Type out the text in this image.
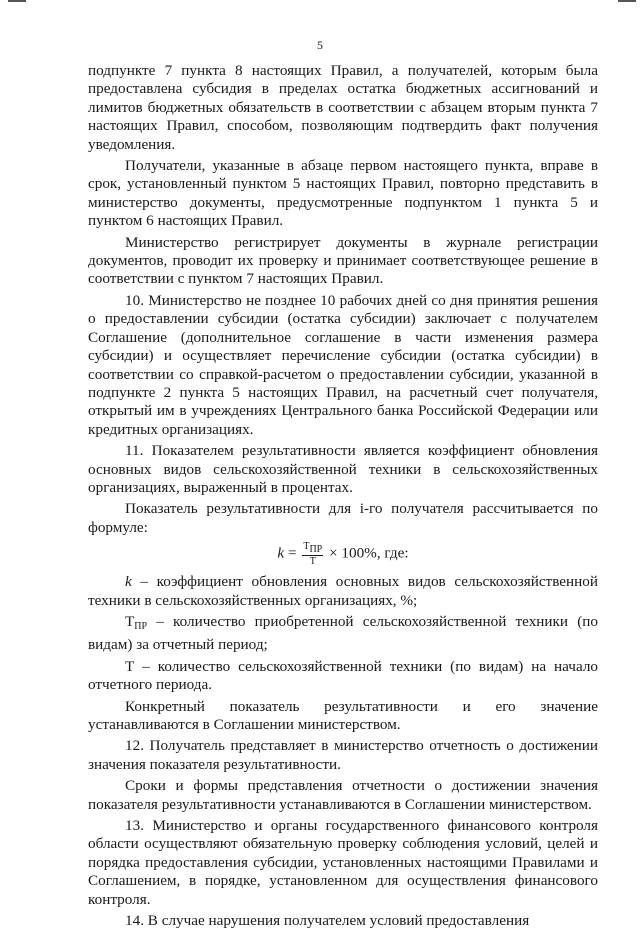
5

подпункте 7 пункта 8 настоящих Правил, а получателей, которым была предоставлена субсидия в пределах остатка бюджетных ассигнований и лимитов бюджетных обязательств в соответствии с абзацем вторым пункта 7 настоящих Правил, способом, позволяющим подтвердить факт получения уведомления.

Получатели, указанные в абзаце первом настоящего пункта, вправе в срок, установленный пунктом 5 настоящих Правил, повторно представить в министерство документы, предусмотренные подпунктом 1 пункта 5 и пунктом 6 настоящих Правил.

Министерство регистрирует документы в журнале регистрации документов, проводит их проверку и принимает соответствующее решение в соответствии с пунктом 7 настоящих Правил.

10. Министерство не позднее 10 рабочих дней со дня принятия решения о предоставлении субсидии (остатка субсидии) заключает с получателем Соглашение (дополнительное соглашение в части изменения размера субсидии) и осуществляет перечисление субсидии (остатка субсидии) в соответствии со справкой-расчетом о предоставлении субсидии, указанной в подпункте 2 пункта 5 настоящих Правил, на расчетный счет получателя, открытый им в учреждениях Центрального банка Российской Федерации или кредитных организациях.

11. Показателем результативности является коэффициент обновления основных видов сельскохозяйственной техники в сельскохозяйственных организациях, выраженный в процентах.

Показатель результативности для i-го получателя рассчитывается по формуле:

$k = \frac{\text{ТПР}}{Т} \times 100\%$, где:

k – коэффициент обновления основных видов сельскохозяйственной техники в сельскохозяйственных организациях, %;

$Т_{ПР}$ – количество приобретенной сельскохозяйственной техники (по видам) за отчетный период;

Т – количество сельскохозяйственной техники (по видам) на начало отчетного периода.

Конкретный показатель результативности и его значение устанавливаются в Соглашении министерством.

12. Получатель представляет в министерство отчетность о достижении значения показателя результативности.

Сроки и формы представления отчетности о достижении значения показателя результативности устанавливаются в Соглашении министерством.

13. Министерство и органы государственного финансового контроля области осуществляют обязательную проверку соблюдения условий, целей и порядка предоставления субсидии, установленных настоящими Правилами и Соглашением, в порядке, установленном для осуществления финансового контроля.

14. В случае нарушения получателем условий предоставления
